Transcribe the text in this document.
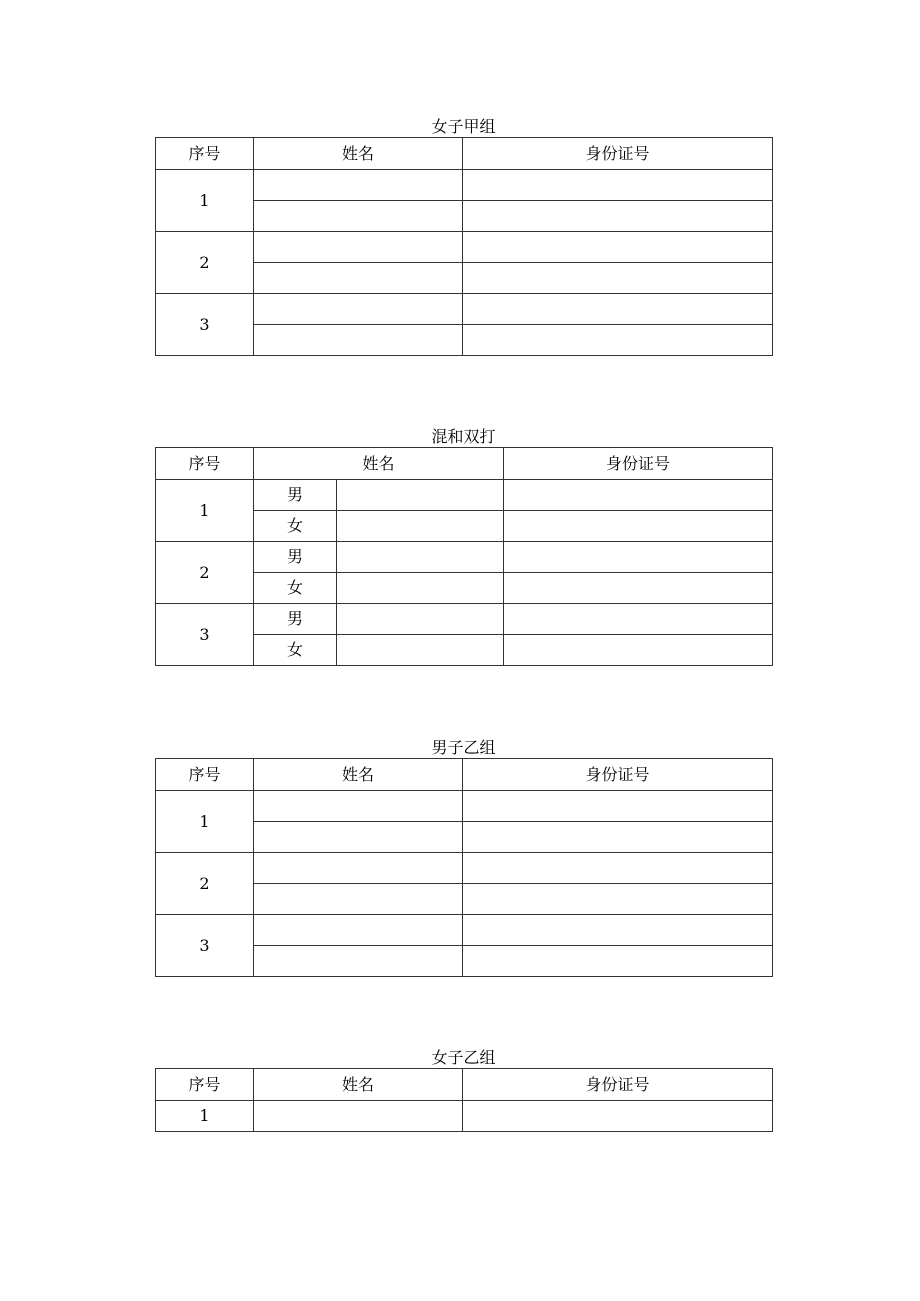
女子甲组
序号	姓名	身份证号
1		

2		

3		

混和双打
序号	姓名		身份证号
1	男		
	女		
2	男		
	女		
3	男		
	女		
男子乙组
序号	姓名	身份证号
1		

2		

3		

女子乙组
序号	姓名	身份证号
1		
